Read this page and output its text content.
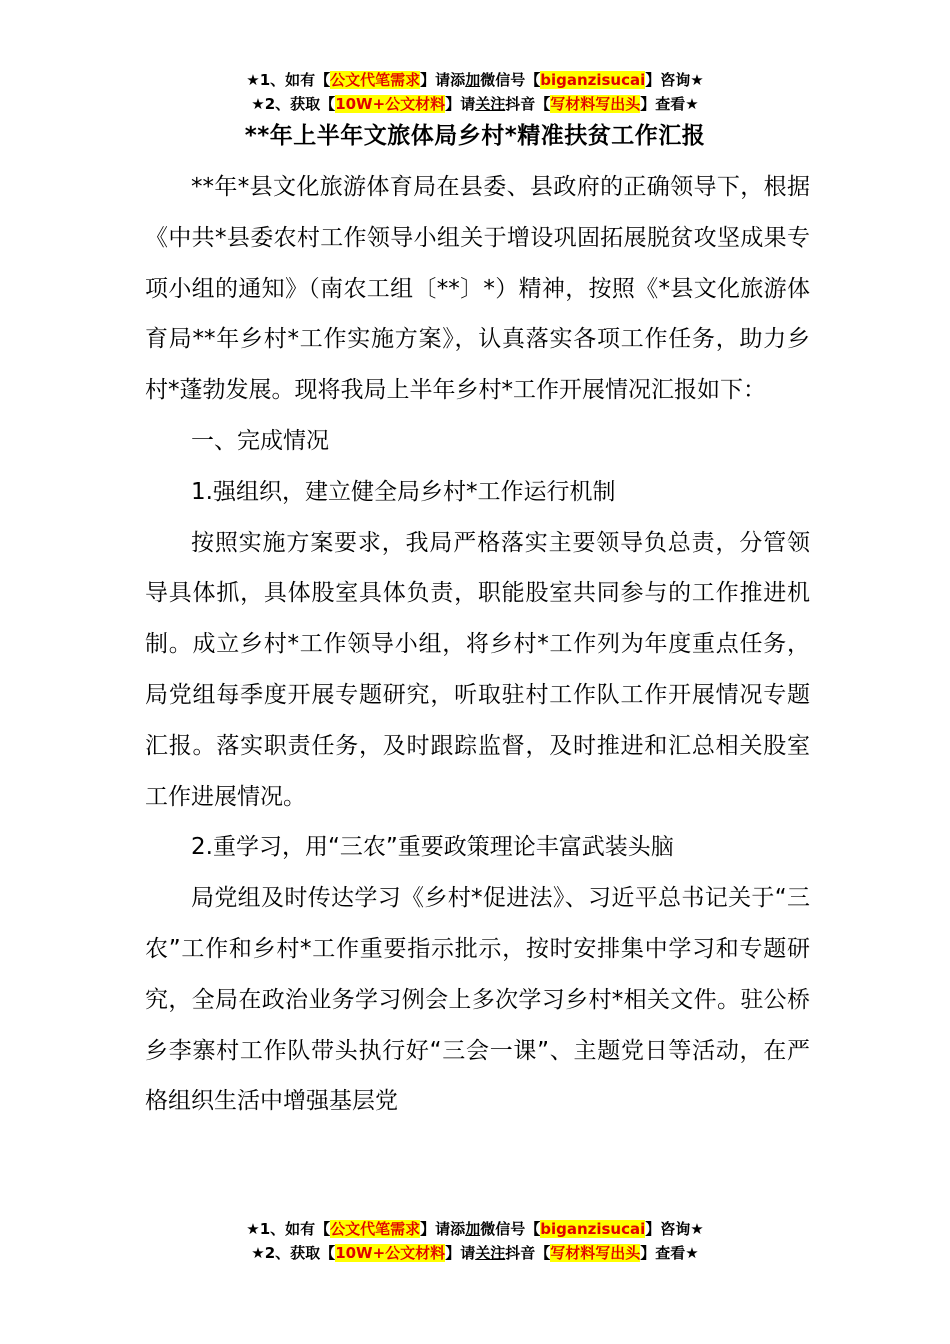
★1、如有【公文代笔需求】请添加微信号【biganzisucai】咨询★
★2、获取【10W+公文材料】请关注抖音【写材料写出头】查看★
**年上半年文旅体局乡村*精准扶贫工作汇报

**年*县文化旅游体育局在县委、县政府的正确领导下，根据《中共*县委农村工作领导小组关于增设巩固拓展脱贫攻坚成果专项小组的通知》（南农工组〔**〕*）精神，按照《*县文化旅游体育局**年乡村*工作实施方案》，认真落实各项工作任务，助力乡村*蓬勃发展。现将我局上半年乡村*工作开展情况汇报如下：

一、完成情况

1.强组织，建立健全局乡村*工作运行机制

按照实施方案要求，我局严格落实主要领导负总责，分管领导具体抓，具体股室具体负责，职能股室共同参与的工作推进机制。成立乡村*工作领导小组，将乡村*工作列为年度重点任务，局党组每季度开展专题研究，听取驻村工作队工作开展情况专题汇报。落实职责任务，及时跟踪监督，及时推进和汇总相关股室工作进展情况。

2.重学习，用“三农”重要政策理论丰富武装头脑

局党组及时传达学习《乡村*促进法》、习近平总书记关于“三农”工作和乡村*工作重要指示批示，按时安排集中学习和专题研究，全局在政治业务学习例会上多次学习乡村*相关文件。驻公桥乡李寨村工作队带头执行好“三会一课”、主题党日等活动，在严格组织生活中增强基层党

★1、如有【公文代笔需求】请添加微信号【biganzisucai】咨询★
★2、获取【10W+公文材料】请关注抖音【写材料写出头】查看★
